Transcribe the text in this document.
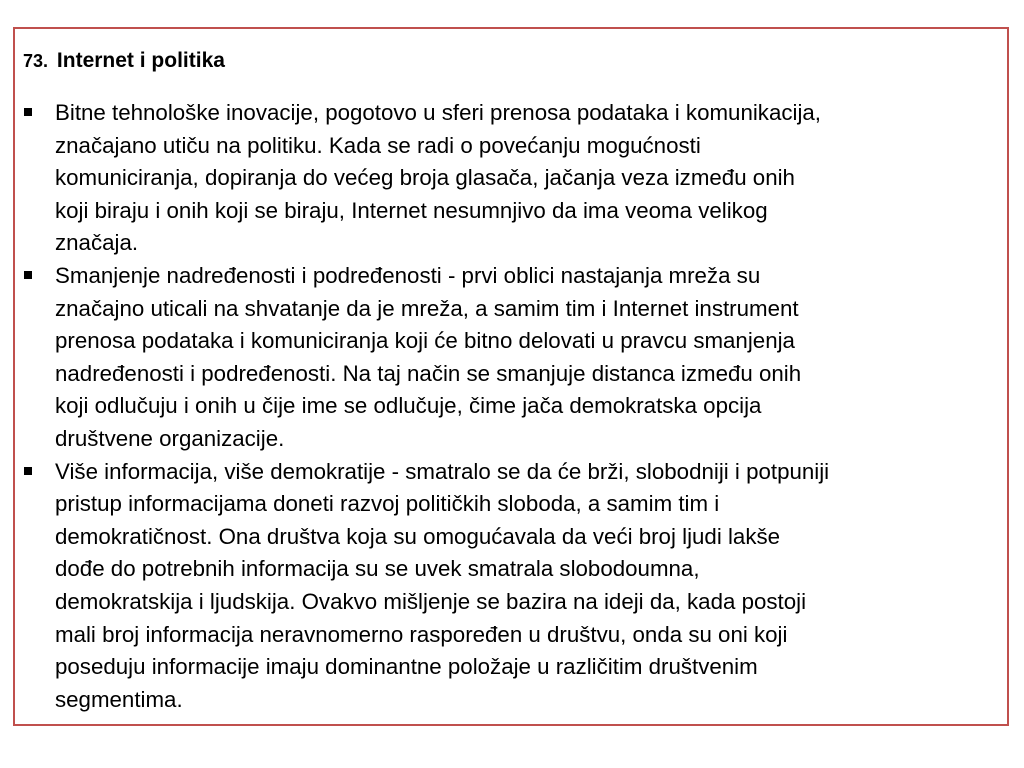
73. Internet i politika
Bitne tehnološke inovacije, pogotovo u sferi prenosa podataka i komunikacija,
značajano utiču na politiku. Kada se radi o povećanju mogućnosti
komuniciranja, dopiranja do većeg broja glasača, jačanja veza između onih
koji biraju i onih koji se biraju, Internet nesumnjivo da ima veoma velikog
značaja.
Smanjenje nadređenosti i podređenosti - prvi oblici nastajanja mreža su
značajno uticali na shvatanje da je mreža, a samim tim i Internet instrument
prenosa podataka i komuniciranja koji će bitno delovati u pravcu smanjenja
nadređenosti i podređenosti. Na taj način se smanjuje distanca između onih
koji odlučuju i onih u čije ime se odlučuje, čime jača demokratska opcija
društvene organizacije.
Više informacija, više demokratije - smatralo se da će brži, slobodniji i potpuniji
pristup informacijama doneti razvoj političkih sloboda, a samim tim i
demokratičnost. Ona društva koja su omogućavala da veći broj ljudi lakše
dođe do potrebnih informacija su se uvek smatrala slobodoumna,
demokratskija i ljudskija. Ovakvo mišljenje se bazira na ideji da, kada postoji
mali broj informacija neravnomerno raspoređen u društvu, onda su oni koji
poseduju informacije imaju dominantne položaje u različitim društvenim
segmentima.
